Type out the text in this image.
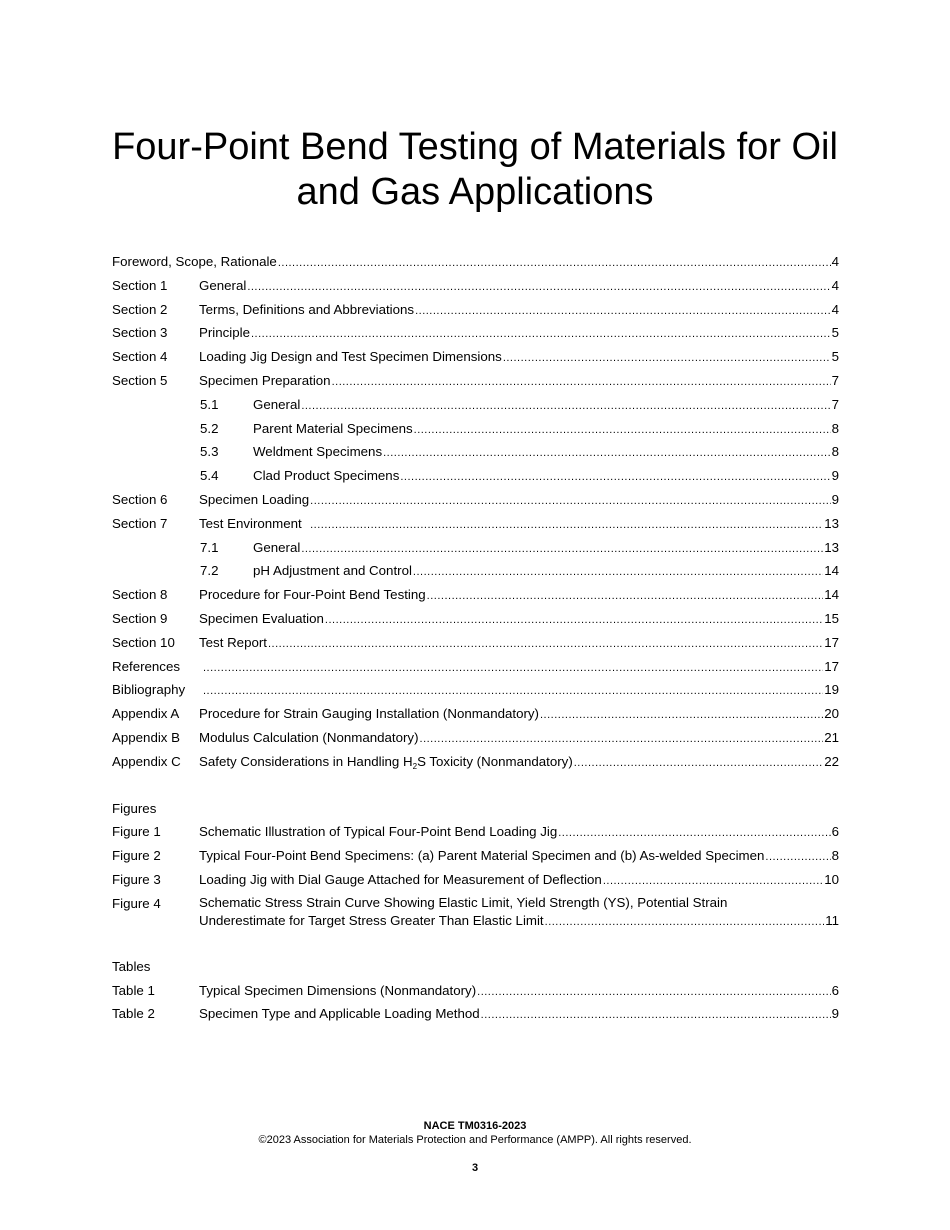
Four-Point Bend Testing of Materials for Oil
and Gas Applications
Foreword, Scope, Rationale .....	4
Section 1 General .....	4
Section 2 Terms, Definitions and Abbreviations .....	4
Section 3 Principle .....	5
Section 4 Loading Jig Design and Test Specimen Dimensions .....	5
Section 5 Specimen Preparation .....	7
5.1	General .....	7
5.2	Parent Material Specimens .....	8
5.3	Weldment Specimens .....	8
5.4	Clad Product Specimens .....	9
Section 6 Specimen Loading .....	9
Section 7 Test Environment .....	13
7.1	General .....	13
7.2	pH Adjustment and Control .....	14
Section 8 Procedure for Four-Point Bend Testing .....	14
Section 9 Specimen Evaluation .....	15
Section 10 Test Report .....	17
References .....	17
Bibliography .....	19
Appendix A Procedure for Strain Gauging Installation (Nonmandatory) .....	20
Appendix B Modulus Calculation (Nonmandatory) .....	21
Appendix C Safety Considerations in Handling $H_2S$ Toxicity (Nonmandatory) .....	22
Figures
Figure 1	Schematic Illustration of Typical Four-Point Bend Loading Jig .....	6
Figure 2	Typical Four-Point Bend Specimens: (a) Parent Material Specimen and (b) As-welded Specimen .....	8
Figure 3	Loading Jig with Dial Gauge Attached for Measurement of Deflection .....	10
Figure 4	Schematic Stress Strain Curve Showing Elastic Limit, Yield Strength (YS), Potential Strain
Underestimate for Target Stress Greater Than Elastic Limit .....	11
Tables
Table 1	Typical Specimen Dimensions (Nonmandatory) .....	6
Table 2	Specimen Type and Applicable Loading Method .....	9
NACE TM0316-2023
©2023 Association for Materials Protection and Performance (AMPP). All rights reserved.
3
